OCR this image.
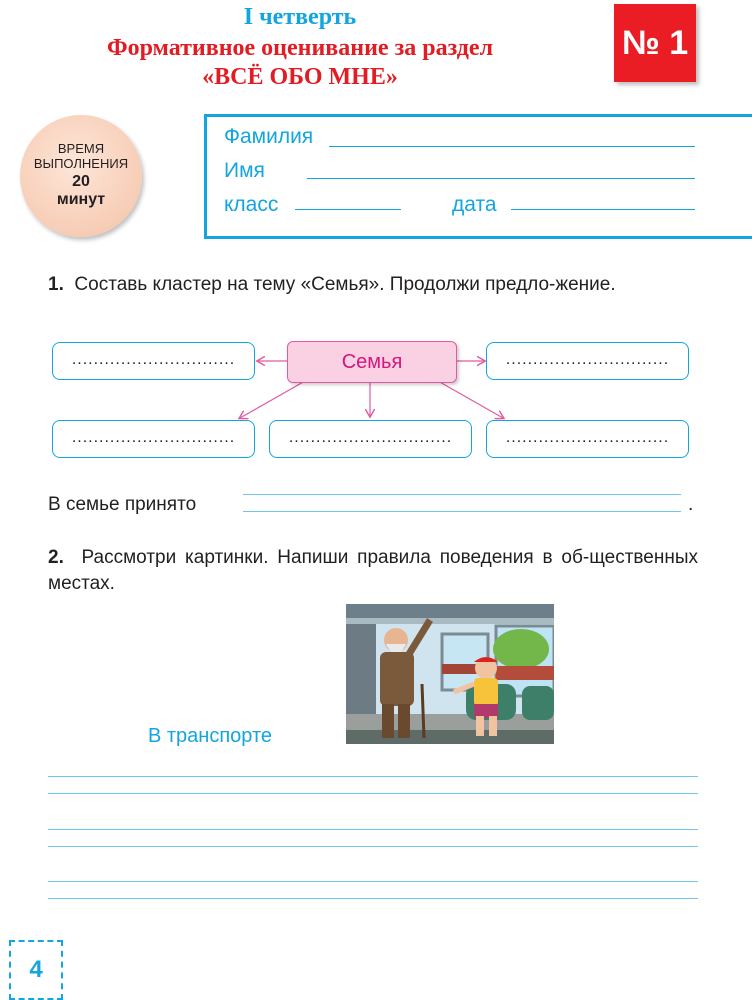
I четверть
Формативное оценивание за раздел
«ВСЁ ОБО МНЕ»
№ 1
ВРЕМЯ
ВЫПОЛНЕНИЯ
20
минут
Фамилия
Имя
класс	дата
1. Составь кластер на тему «Семья». Продолжи предло-жение.
Семья
..............................	..............................
..............................	..............................	..............................
В семье принято	.
2. Рассмотри картинки. Напиши правила поведения в об-щественных местах.
В транспорте
4
